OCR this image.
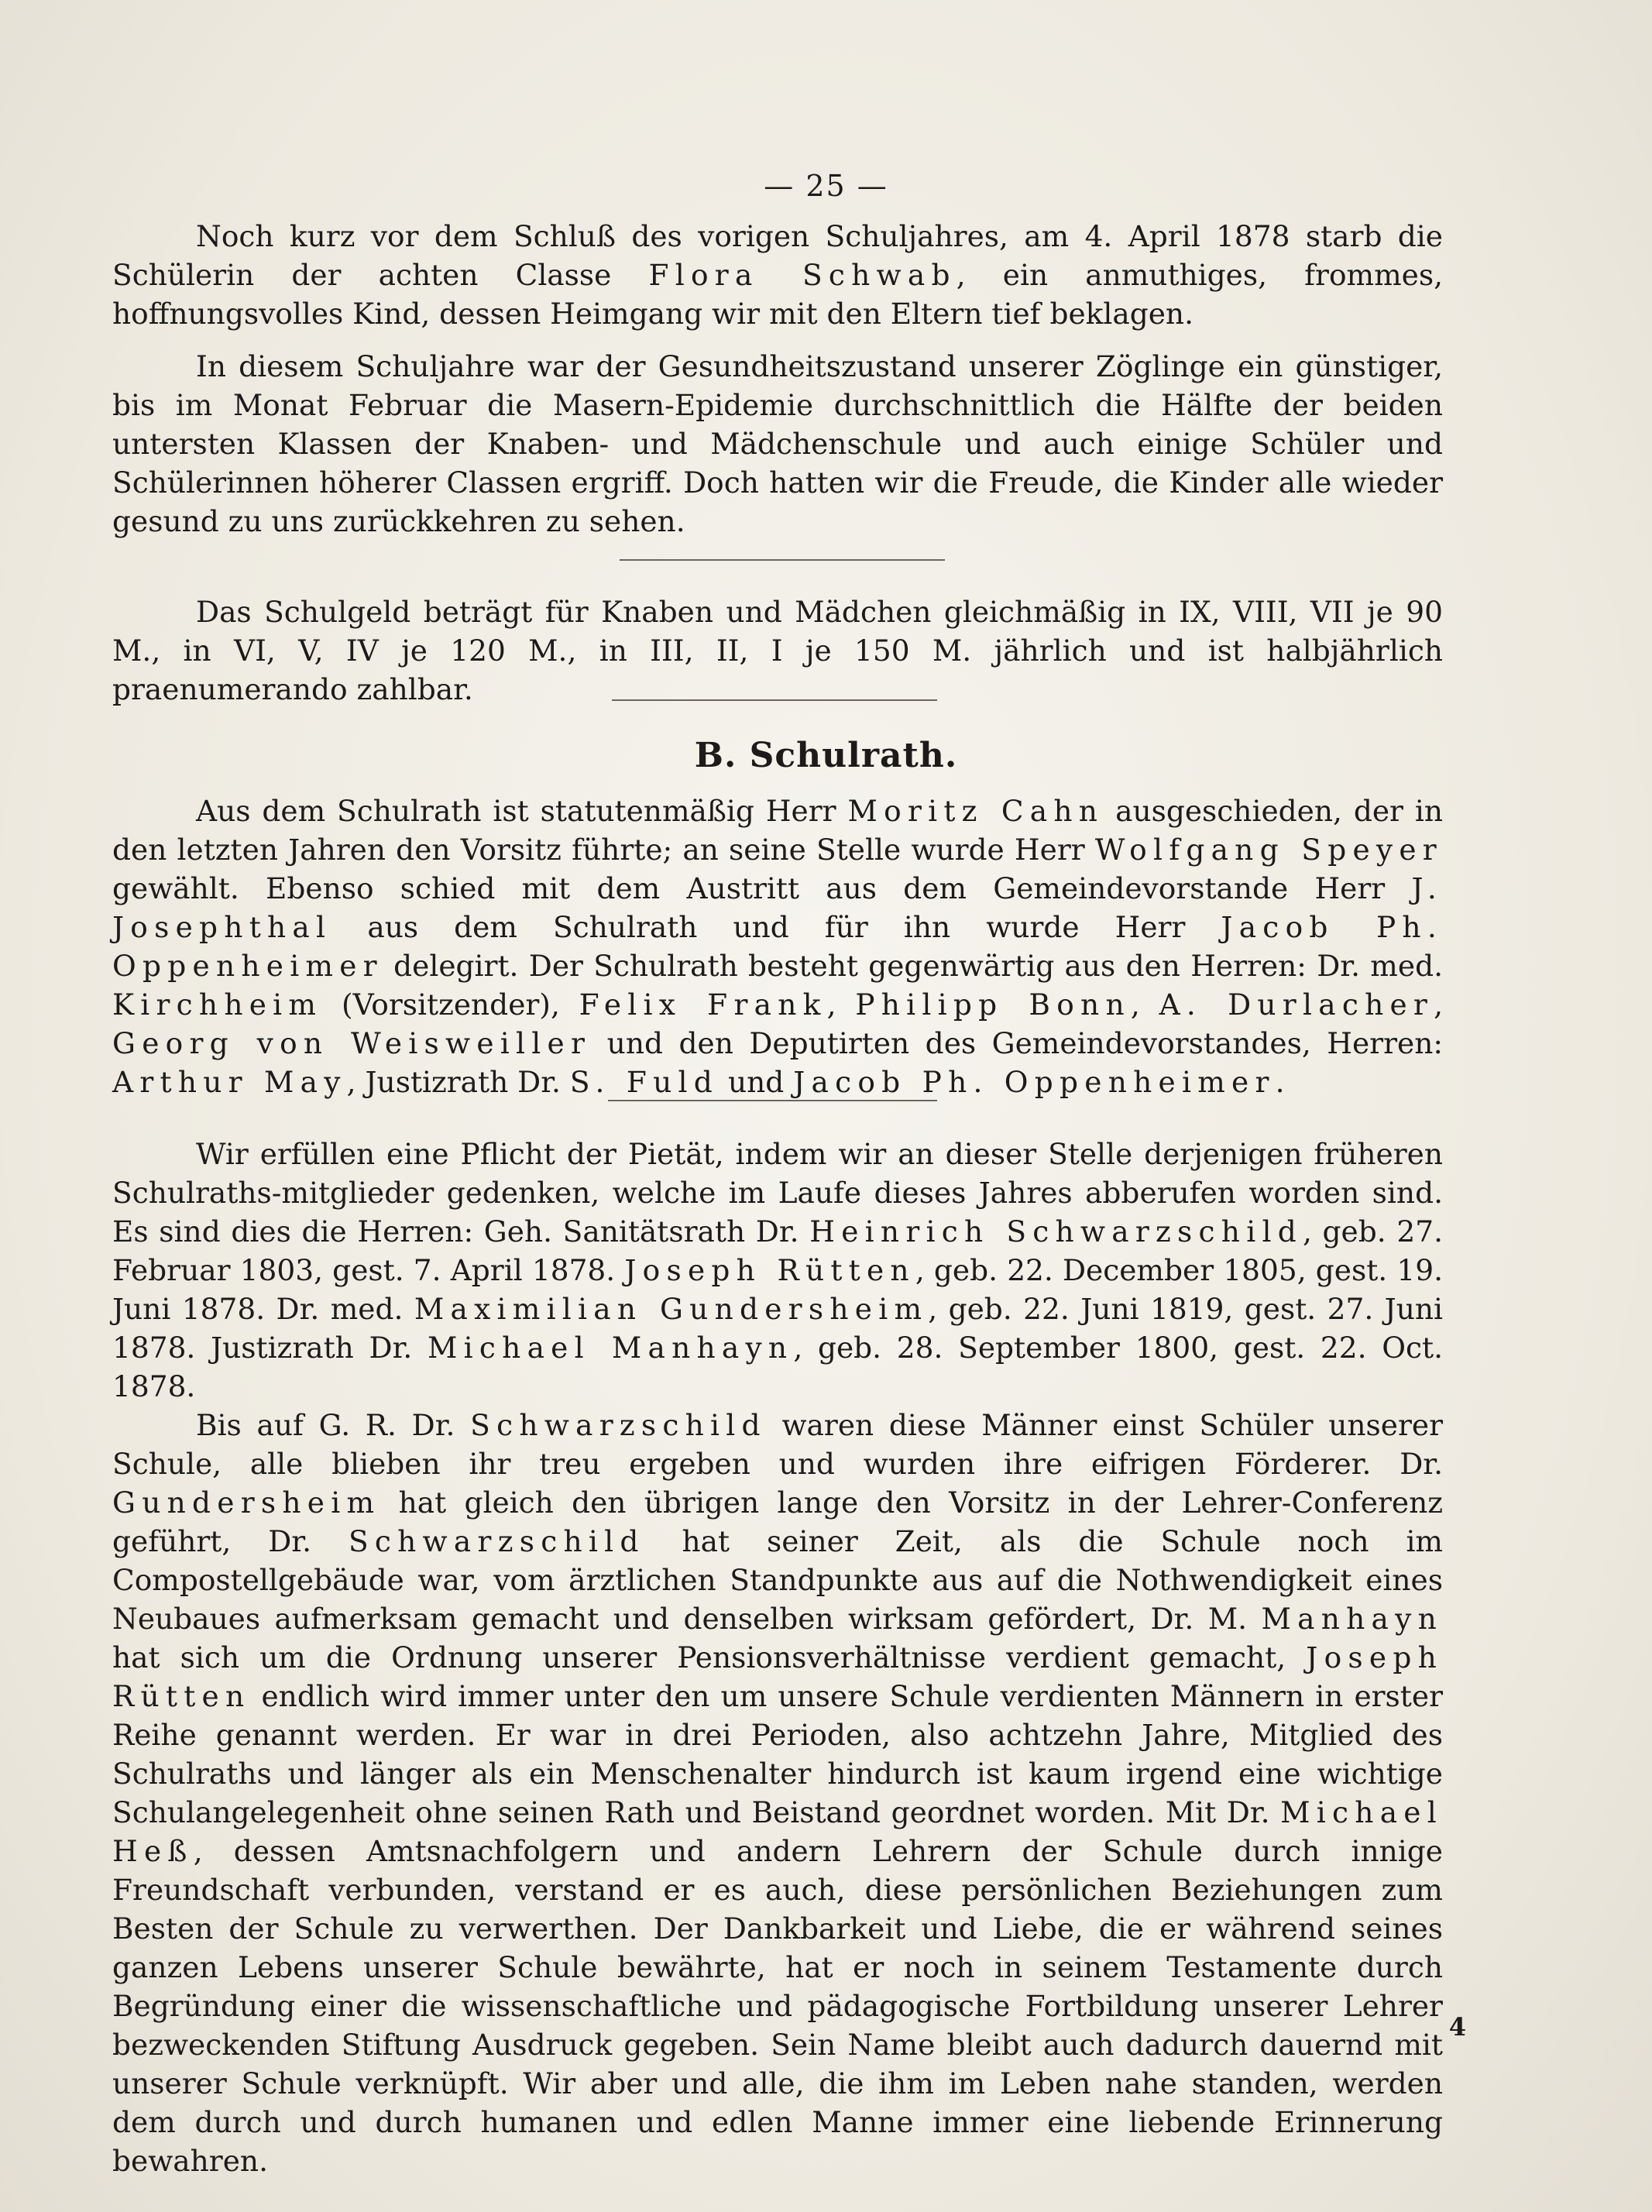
— 25 —

Noch kurz vor dem Schluß des vorigen Schuljahres, am 4. April 1878 starb die Schülerin der achten Classe Flora Schwab, ein anmuthiges, frommes, hoffnungsvolles Kind, dessen Heimgang wir mit den Eltern tief beklagen.

In diesem Schuljahre war der Gesundheitszustand unserer Zöglinge ein günstiger, bis im Monat Februar die Masern-Epidemie durchschnittlich die Hälfte der beiden untersten Klassen der Knaben- und Mädchenschule und auch einige Schüler und Schülerinnen höherer Classen ergriff. Doch hatten wir die Freude, die Kinder alle wieder gesund zu uns zurückkehren zu sehen.

Das Schulgeld beträgt für Knaben und Mädchen gleichmäßig in IX, VIII, VII je 90 M., in VI, V, IV je 120 M., in III, II, I je 150 M. jährlich und ist halbjährlich praenumerando zahlbar.

B. Schulrath.

Aus dem Schulrath ist statutenmäßig Herr Moritz Cahn ausgeschieden, der in den letzten Jahren den Vorsitz führte; an seine Stelle wurde Herr Wolfgang Speyer gewählt. Ebenso schied mit dem Austritt aus dem Gemeindevorstande Herr J. Josephthal aus dem Schulrath und für ihn wurde Herr Jacob Ph. Oppenheimer delegirt. Der Schulrath besteht gegenwärtig aus den Herren: Dr. med. Kirchheim (Vorsitzender), Felix Frank, Philipp Bonn, A. Durlacher, Georg von Weisweiller und den Deputirten des Gemeindevorstandes, Herren: Arthur May, Justizrath Dr. S. Fuld und Jacob Ph. Oppenheimer.

Wir erfüllen eine Pflicht der Pietät, indem wir an dieser Stelle derjenigen früheren Schulraths-mitglieder gedenken, welche im Laufe dieses Jahres abberufen worden sind. Es sind dies die Herren: Geh. Sanitätsrath Dr. Heinrich Schwarzschild, geb. 27. Februar 1803, gest. 7. April 1878. Joseph Rütten, geb. 22. December 1805, gest. 19. Juni 1878. Dr. med. Maximilian Gundersheim, geb. 22. Juni 1819, gest. 27. Juni 1878. Justizrath Dr. Michael Manhayn, geb. 28. September 1800, gest. 22. Oct. 1878.

Bis auf G. R. Dr. Schwarzschild waren diese Männer einst Schüler unserer Schule, alle blieben ihr treu ergeben und wurden ihre eifrigen Förderer. Dr. Gundersheim hat gleich den übrigen lange den Vorsitz in der Lehrer-Conferenz geführt, Dr. Schwarzschild hat seiner Zeit, als die Schule noch im Compostellgebäude war, vom ärztlichen Standpunkte aus auf die Nothwendigkeit eines Neubaues aufmerksam gemacht und denselben wirksam gefördert, Dr. M. Manhayn hat sich um die Ordnung unserer Pensionsverhältnisse verdient gemacht, Joseph Rütten endlich wird immer unter den um unsere Schule verdienten Männern in erster Reihe genannt werden. Er war in drei Perioden, also achtzehn Jahre, Mitglied des Schulraths und länger als ein Menschenalter hindurch ist kaum irgend eine wichtige Schulangelegenheit ohne seinen Rath und Beistand geordnet worden. Mit Dr. Michael Heß, dessen Amtsnachfolgern und andern Lehrern der Schule durch innige Freundschaft verbunden, verstand er es auch, diese persönlichen Beziehungen zum Besten der Schule zu verwerthen. Der Dankbarkeit und Liebe, die er während seines ganzen Lebens unserer Schule bewährte, hat er noch in seinem Testamente durch Begründung einer die wissenschaftliche und pädagogische Fortbildung unserer Lehrer bezweckenden Stiftung Ausdruck gegeben. Sein Name bleibt auch dadurch dauernd mit unserer Schule verknüpft. Wir aber und alle, die ihm im Leben nahe standen, werden dem durch und durch humanen und edlen Manne immer eine liebende Erinnerung bewahren.

4
